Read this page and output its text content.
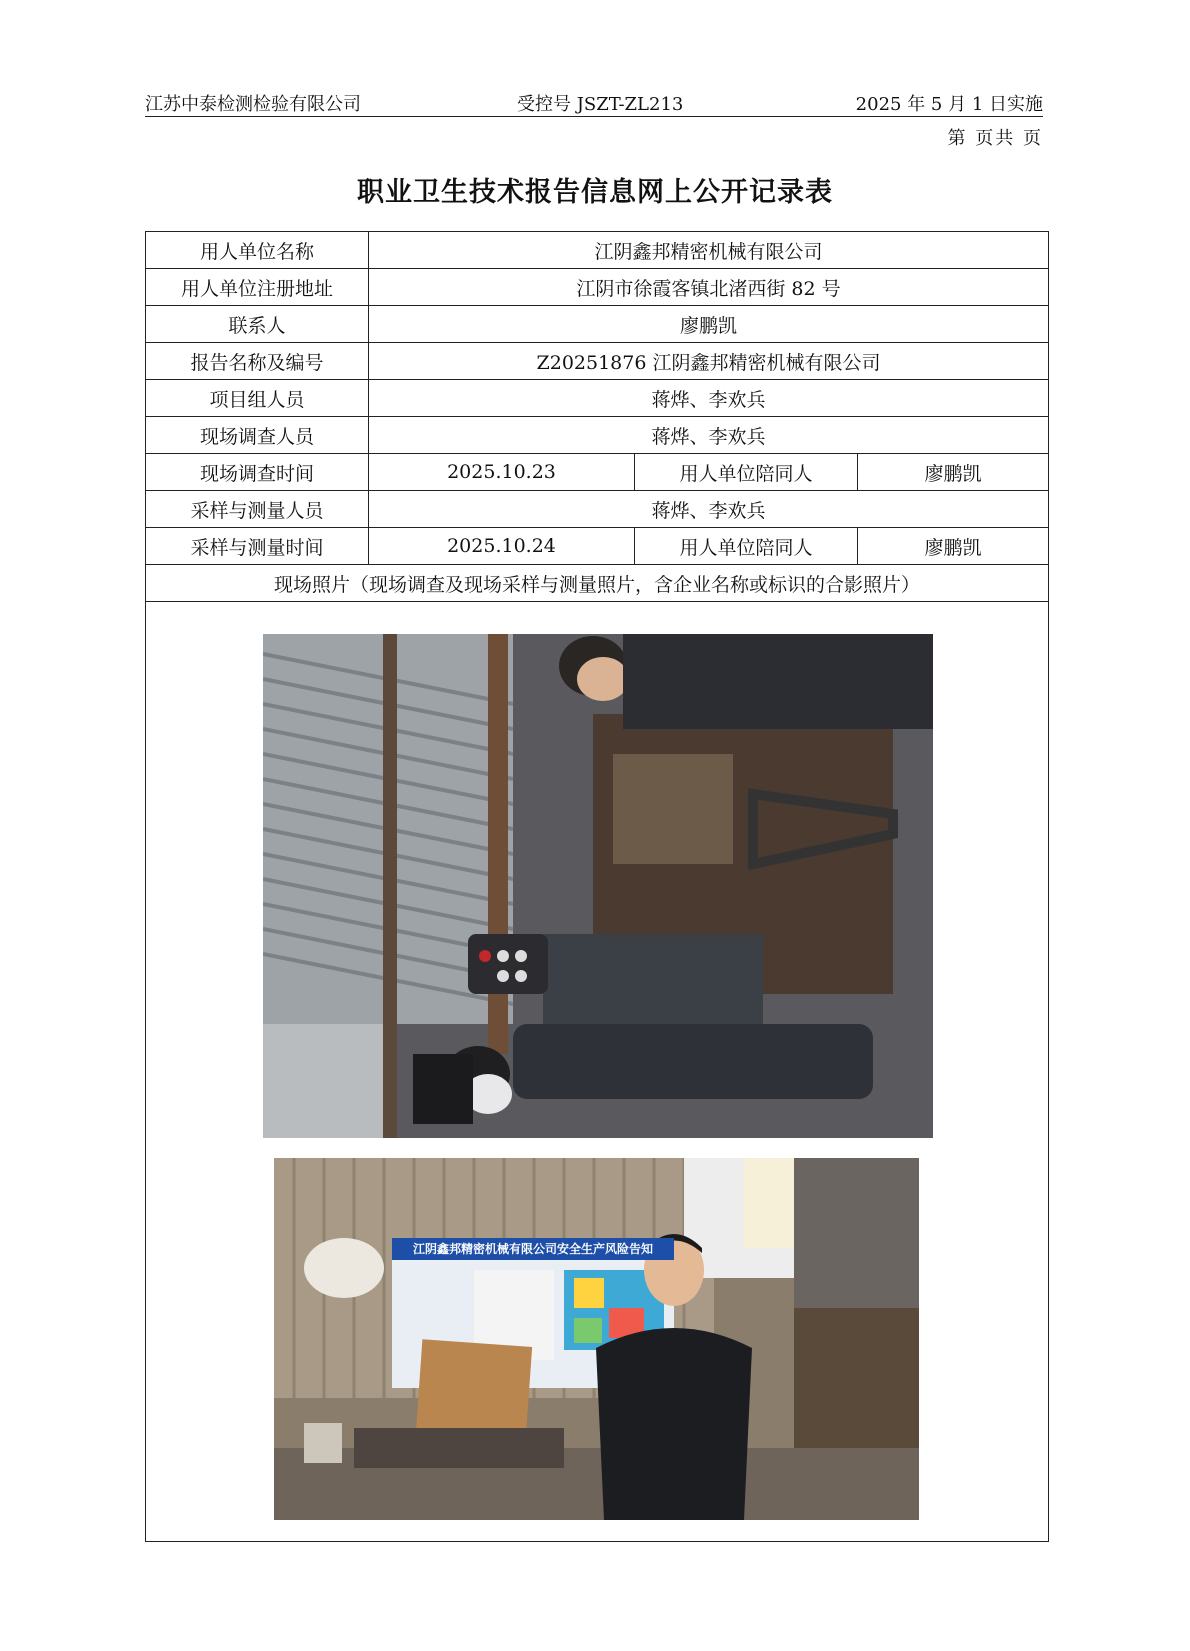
江苏中泰检测检验有限公司	受控号 JSZT-ZL213	2025 年 5 月 1 日实施
第 页共 页
职业卫生技术报告信息网上公开记录表
用人单位名称	江阴鑫邦精密机械有限公司		
用人单位注册地址	江阴市徐霞客镇北渚西街 82 号		
联系人	廖鹏凯		
报告名称及编号	Z20251876 江阴鑫邦精密机械有限公司		
项目组人员	蒋烨、李欢兵		
现场调查人员	蒋烨、李欢兵		
现场调查时间	2025.10.23	用人单位陪同人	廖鹏凯
采样与测量人员	蒋烨、李欢兵		
采样与测量时间	2025.10.24	用人单位陪同人	廖鹏凯
现场照片（现场调查及现场采样与测量照片，含企业名称或标识的合影照片）			

江阴鑫邦精密机械有限公司安全生产风险告知
